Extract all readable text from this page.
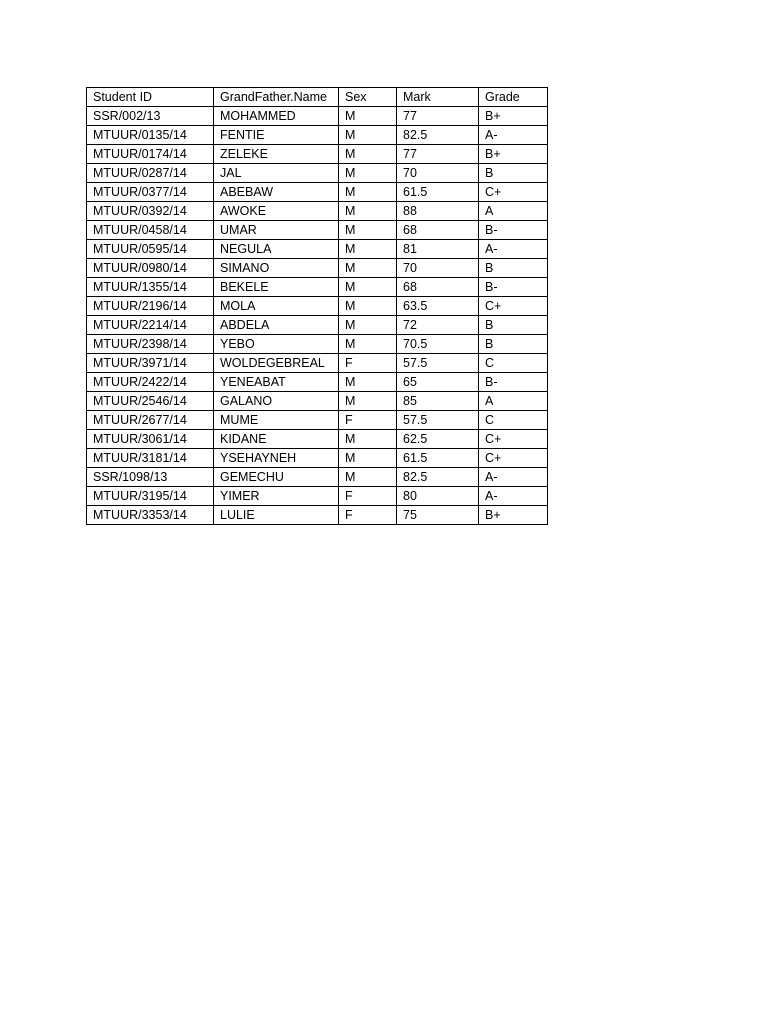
Student ID	GrandFather.Name	Sex	Mark	Grade
SSR/002/13	MOHAMMED	M	77	B+
MTUUR/0135/14	FENTIE	M	82.5	A-
MTUUR/0174/14	ZELEKE	M	77	B+
MTUUR/0287/14	JAL	M	70	B
MTUUR/0377/14	ABEBAW	M	61.5	C+
MTUUR/0392/14	AWOKE	M	88	A
MTUUR/0458/14	UMAR	M	68	B-
MTUUR/0595/14	NEGULA	M	81	A-
MTUUR/0980/14	SIMANO	M	70	B
MTUUR/1355/14	BEKELE	M	68	B-
MTUUR/2196/14	MOLA	M	63.5	C+
MTUUR/2214/14	ABDELA	M	72	B
MTUUR/2398/14	YEBO	M	70.5	B
MTUUR/3971/14	WOLDEGEBREAL	F	57.5	C
MTUUR/2422/14	YENEABAT	M	65	B-
MTUUR/2546/14	GALANO	M	85	A
MTUUR/2677/14	MUME	F	57.5	C
MTUUR/3061/14	KIDANE	M	62.5	C+
MTUUR/3181/14	YSEHAYNEH	M	61.5	C+
SSR/1098/13	GEMECHU	M	82.5	A-
MTUUR/3195/14	YIMER	F	80	A-
MTUUR/3353/14	LULIE	F	75	B+
